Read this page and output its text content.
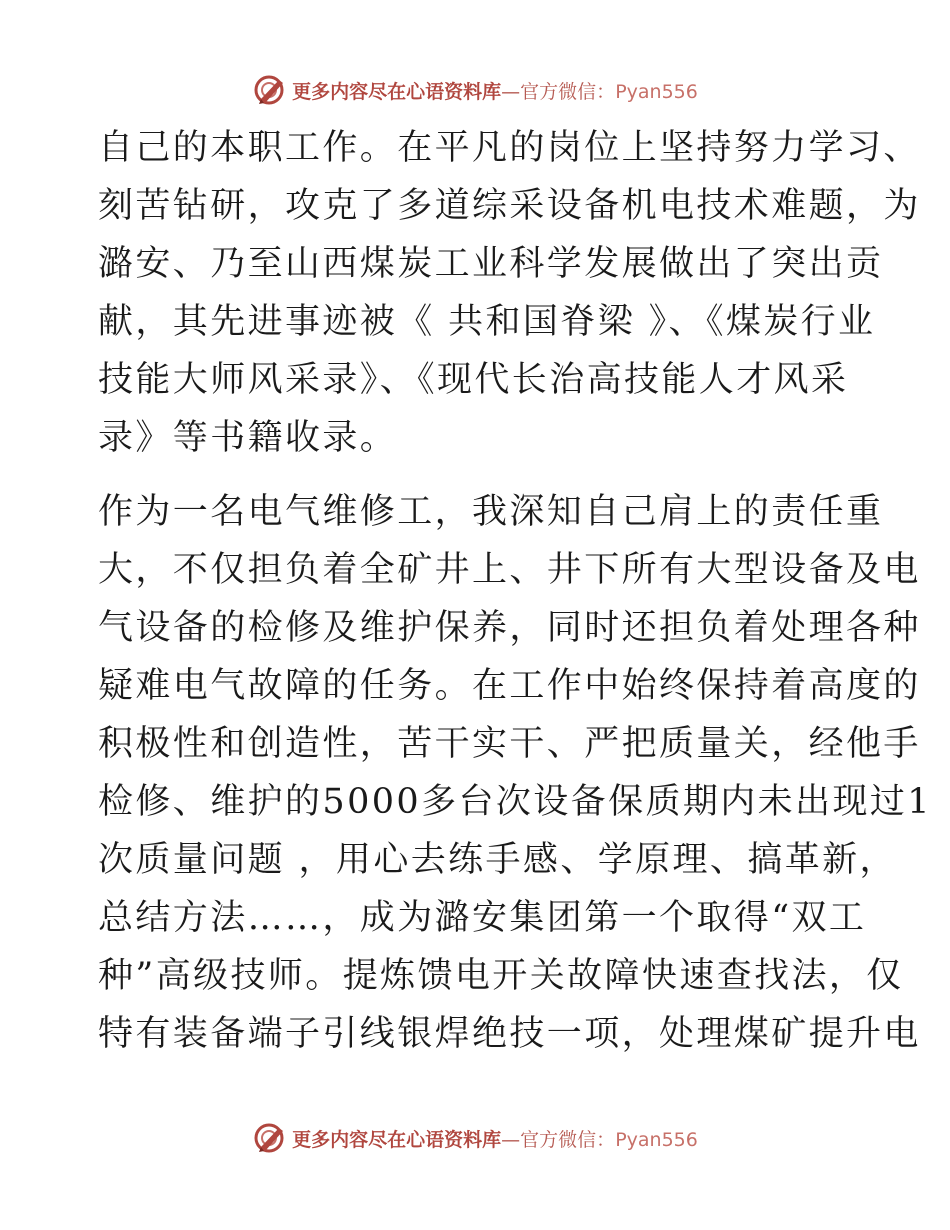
更多内容尽在心语资料库—官方微信：Pyan556
自己的本职工作。在平凡的岗位上坚持努力学习、
刻苦钻研，攻克了多道综采设备机电技术难题，为
潞安、乃至山西煤炭工业科学发展做出了突出贡
献，其先进事迹被《 共和国脊梁 》、《煤炭行业
技能大师风采录》、《现代长治高技能人才风采
录》等书籍收录。
作为一名电气维修工，我深知自己肩上的责任重
大，不仅担负着全矿井上、井下所有大型设备及电
气设备的检修及维护保养，同时还担负着处理各种
疑难电气故障的任务。在工作中始终保持着高度的
积极性和创造性，苦干实干、严把质量关，经他手
检修、维护的5000多台次设备保质期内未出现过1
次质量问题 ，用心去练手感、学原理、搞革新，
总结方法……，成为潞安集团第一个取得“双工
种”高级技师。提炼馈电开关故障快速查找法，仅
特有装备端子引线银焊绝技一项，处理煤矿提升电
更多内容尽在心语资料库—官方微信：Pyan556
